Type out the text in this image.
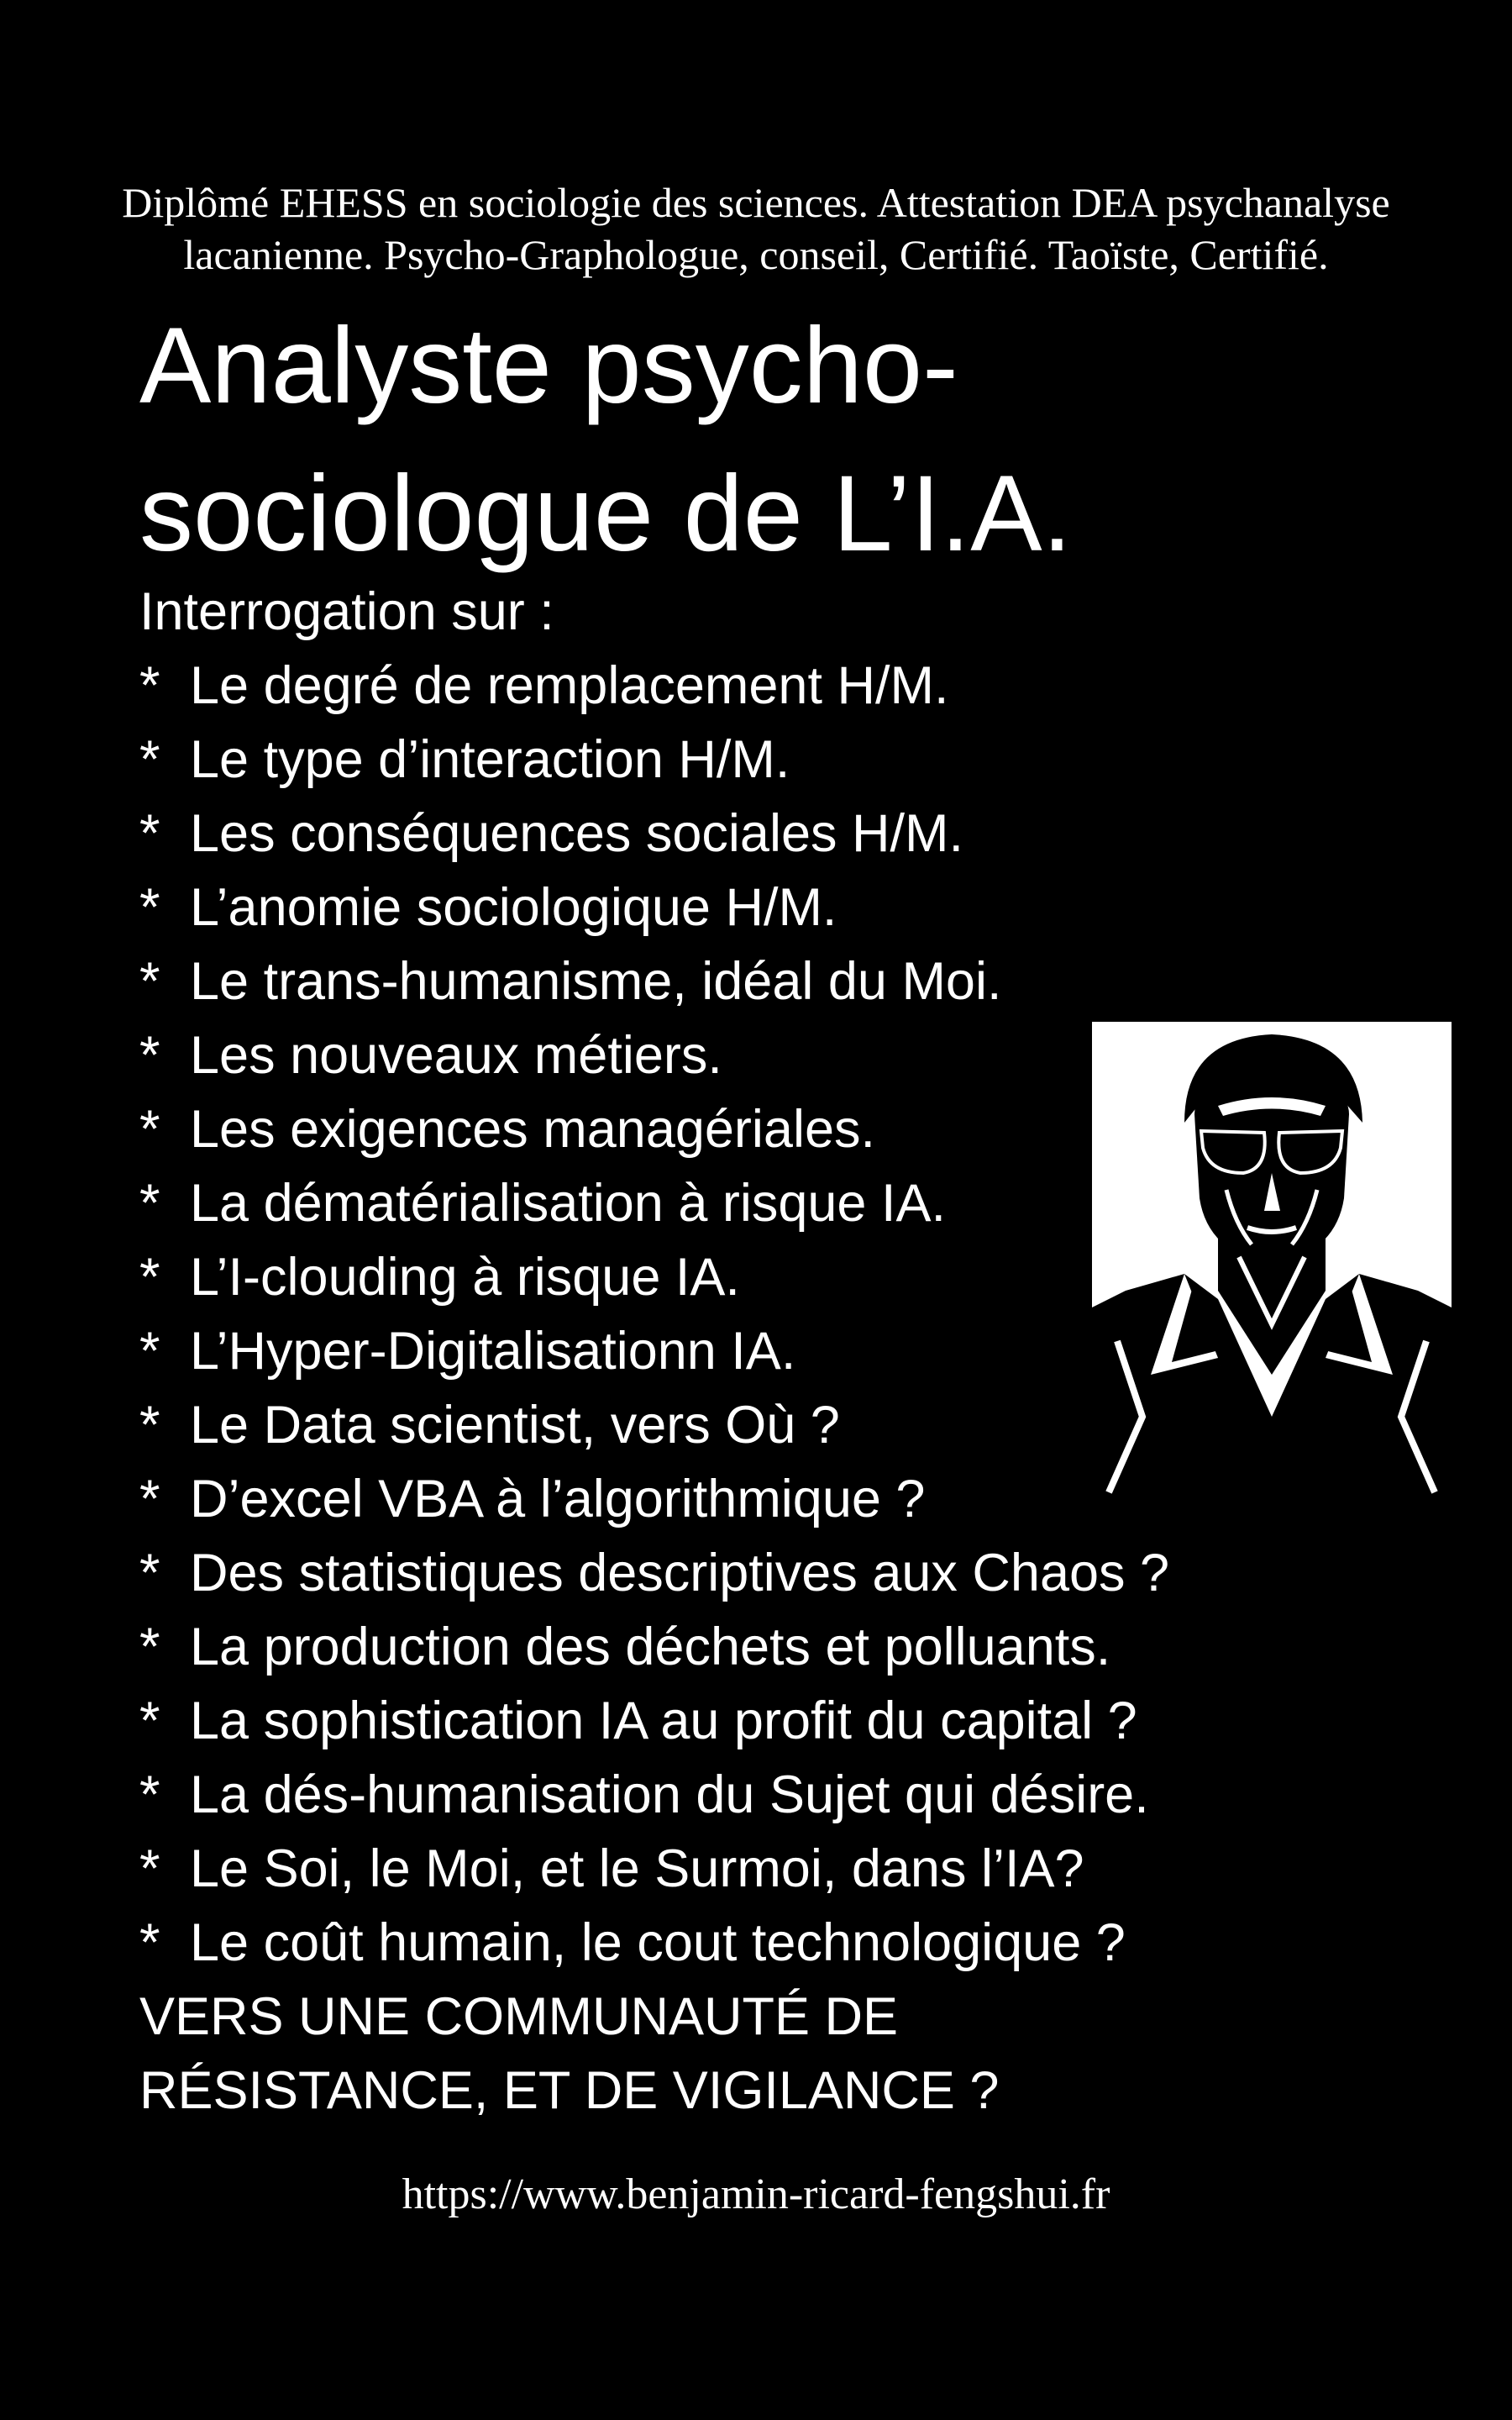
Diplômé EHESS en sociologie des sciences. Attestation DEA psychanalyse
lacanienne. Psycho-Graphologue, conseil, Certifié. Taoïste, Certifié.
Analyste psycho-
sociologue de L’I.A.
Interrogation sur :
* Le degré de remplacement H/M.
* Le type d’interaction H/M.
* Les conséquences sociales H/M.
* L’anomie sociologique H/M.
* Le trans-humanisme, idéal du Moi.
* Les nouveaux métiers.
* Les exigences managériales.
* La dématérialisation à risque IA.
* L’I-clouding à risque IA.
* L’Hyper-Digitalisationn IA.
* Le Data scientist, vers Où ?
* D’excel VBA à l’algorithmique ?
* Des statistiques descriptives aux Chaos ?
* La production des déchets et polluants.
* La sophistication IA au profit du capital ?
* La dés-humanisation du Sujet qui désire.
* Le Soi, le Moi, et le Surmoi, dans l’IA?
* Le coût humain, le cout technologique ?
VERS UNE COMMUNAUTÉ DE
RÉSISTANCE, ET DE VIGILANCE ?
https://www.benjamin-ricard-fengshui.fr
